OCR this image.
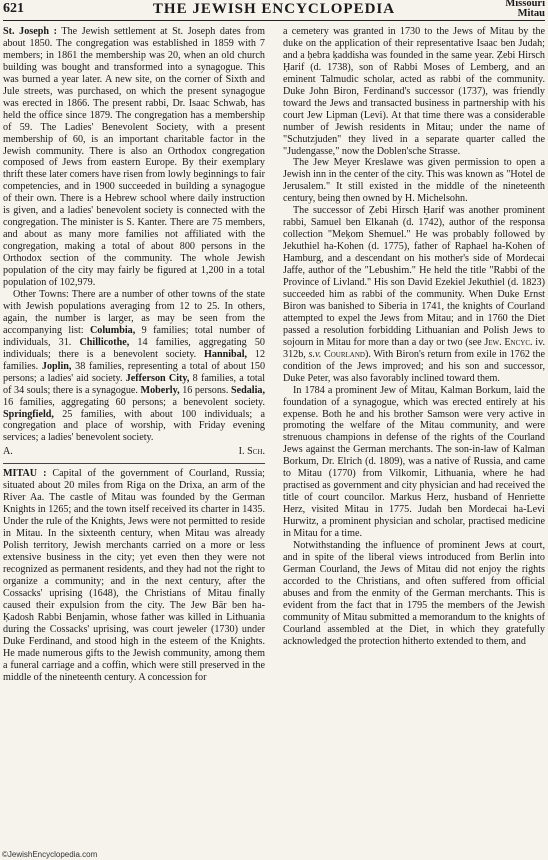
621	THE JEWISH ENCYCLOPEDIA	Missouri
Mitau

St. Joseph : The Jewish settlement at St. Joseph dates from about 1850. The congregation was established in 1859 with 7 members; in 1861 the membership was 20, when an old church building was bought and transformed into a synagogue. This was burned a year later. A new site, on the corner of Sixth and Jule streets, was purchased, on which the present synagogue was erected in 1866. The present rabbi, Dr. Isaac Schwab, has held the office since 1879. The congregation has a membership of 59. The Ladies' Benevolent Society, with a present membership of 60, is an important charitable factor in the Jewish community. There is also an Orthodox congregation composed of Jews from eastern Europe. By their exemplary thrift these later comers have risen from lowly beginnings to fair competencies, and in 1900 succeeded in building a synagogue of their own. There is a Hebrew school where daily instruction is given, and a ladies' benevolent society is connected with the congregation. The minister is S. Kanter. There are 75 members, and about as many more families not affiliated with the congregation, making a total of about 800 persons in the Orthodox section of the community. The whole Jewish population of the city may fairly be figured at 1,200 in a total population of 102,979.

Other Towns: There are a number of other towns of the state with Jewish populations averaging from 12 to 25. In others, again, the number is larger, as may be seen from the accompanying list: Columbia, 9 families; total number of individuals, 31. Chillicothe, 14 families, aggregating 50 individuals; there is a benevolent society. Hannibal, 12 families. Joplin, 38 families, representing a total of about 150 persons; a ladies' aid society. Jefferson City, 8 families, a total of 34 souls; there is a synagogue. Moberly, 16 persons. Sedalia, 16 families, aggregating 60 persons; a benevolent society. Springfield, 25 families, with about 100 individuals; a congregation and place of worship, with Friday evening services; a ladies' benevolent society.

A.	I. Sch.

MITAU : Capital of the government of Courland, Russia; situated about 20 miles from Riga on the Drixa, an arm of the River Aa. The castle of Mitau was founded by the German Knights in 1265; and the town itself received its charter in 1435. Under the rule of the Knights, Jews were not permitted to reside in Mitau. In the sixteenth century, when Mitau was already Polish territory, Jewish merchants carried on a more or less extensive business in the city; yet even then they were not recognized as permanent residents, and they had not the right to organize a community; and in the next century, after the Cossacks' uprising (1648), the Christians of Mitau finally caused their expulsion from the city. The Jew Bär ben ha-Ḳadosh Rabbi Benjamin, whose father was killed in Lithuania during the Cossacks' uprising, was court jeweler (1730) under Duke Ferdinand, and stood high in the esteem of the Knights. He made numerous gifts to the Jewish community, among them a funeral carriage and a coffin, which were still preserved in the middle of the nineteenth century. A concession for

a cemetery was granted in 1730 to the Jews of Mitau by the duke on the application of their representative Isaac ben Judah; and a ḥebra ḳaddisha was founded in the same year. Ẓebi Hirsch Ḥarif (d. 1738), son of Rabbi Moses of Lemberg, and an eminent Talmudic scholar, acted as rabbi of the community. Duke John Biron, Ferdinand's successor (1737), was friendly toward the Jews and transacted business in partnership with his court Jew Lipman (Levi). At that time there was a considerable number of Jewish residents in Mitau; under the name of "Schutzjuden" they lived in a separate quarter called the "Judengasse," now the Doblen'sche Strasse.

The Jew Meyer Kreslawe was given permission to open a Jewish inn in the center of the city. This was known as "Hotel de Jerusalem." It still existed in the middle of the nineteenth century, being then owned by H. Michelsohn.

The successor of Ẓebi Hirsch Ḥarif was another prominent rabbi, Samuel ben Elkanah (d. 1742), author of the responsa collection "Meḳom Shemuel." He was probably followed by Jekuthiel ha-Kohen (d. 1775), father of Raphael ha-Kohen of Hamburg, and a descendant on his mother's side of Mordecai Jaffe, author of the "Lebushim." He held the title "Rabbi of the Province of Livland." His son David Ezekiel Jekuthiel (d. 1823) succeeded him as rabbi of the community. When Duke Ernst Biron was banished to Siberia in 1741, the knights of Courland attempted to expel the Jews from Mitau; and in 1760 the Diet passed a resolution forbidding Lithuanian and Polish Jews to sojourn in Mitau for more than a day or two (see Jew. Encyc. iv. 312b, s.v. Courland). With Biron's return from exile in 1762 the condition of the Jews improved; and his son and successor, Duke Peter, was also favorably inclined toward them.

In 1784 a prominent Jew of Mitau, Kalman Borkum, laid the foundation of a synagogue, which was erected entirely at his expense. Both he and his brother Samson were very active in promoting the welfare of the Mitau community, and were strenuous champions in defense of the rights of the Courland Jews against the German merchants. The son-in-law of Kalman Borkum, Dr. Elrich (d. 1809), was a native of Russia, and came to Mitau (1770) from Vilkomir, Lithuania, where he had practised as government and city physician and had received the title of court councilor. Markus Herz, husband of Henriette Herz, visited Mitau in 1775. Judah ben Mordecai ha-Levi Hurwitz, a prominent physician and scholar, practised medicine in Mitau for a time.

Notwithstanding the influence of prominent Jews at court, and in spite of the liberal views introduced from Berlin into German Courland, the Jews of Mitau did not enjoy the rights accorded to the Christians, and often suffered from official abuses and from the enmity of the German merchants. This is evident from the fact that in 1795 the members of the Jewish community of Mitau submitted a memorandum to the knights of Courland assembled at the Diet, in which they gratefully acknowledged the protection hitherto extended to them, and

©JewishEncyclopedia.com
